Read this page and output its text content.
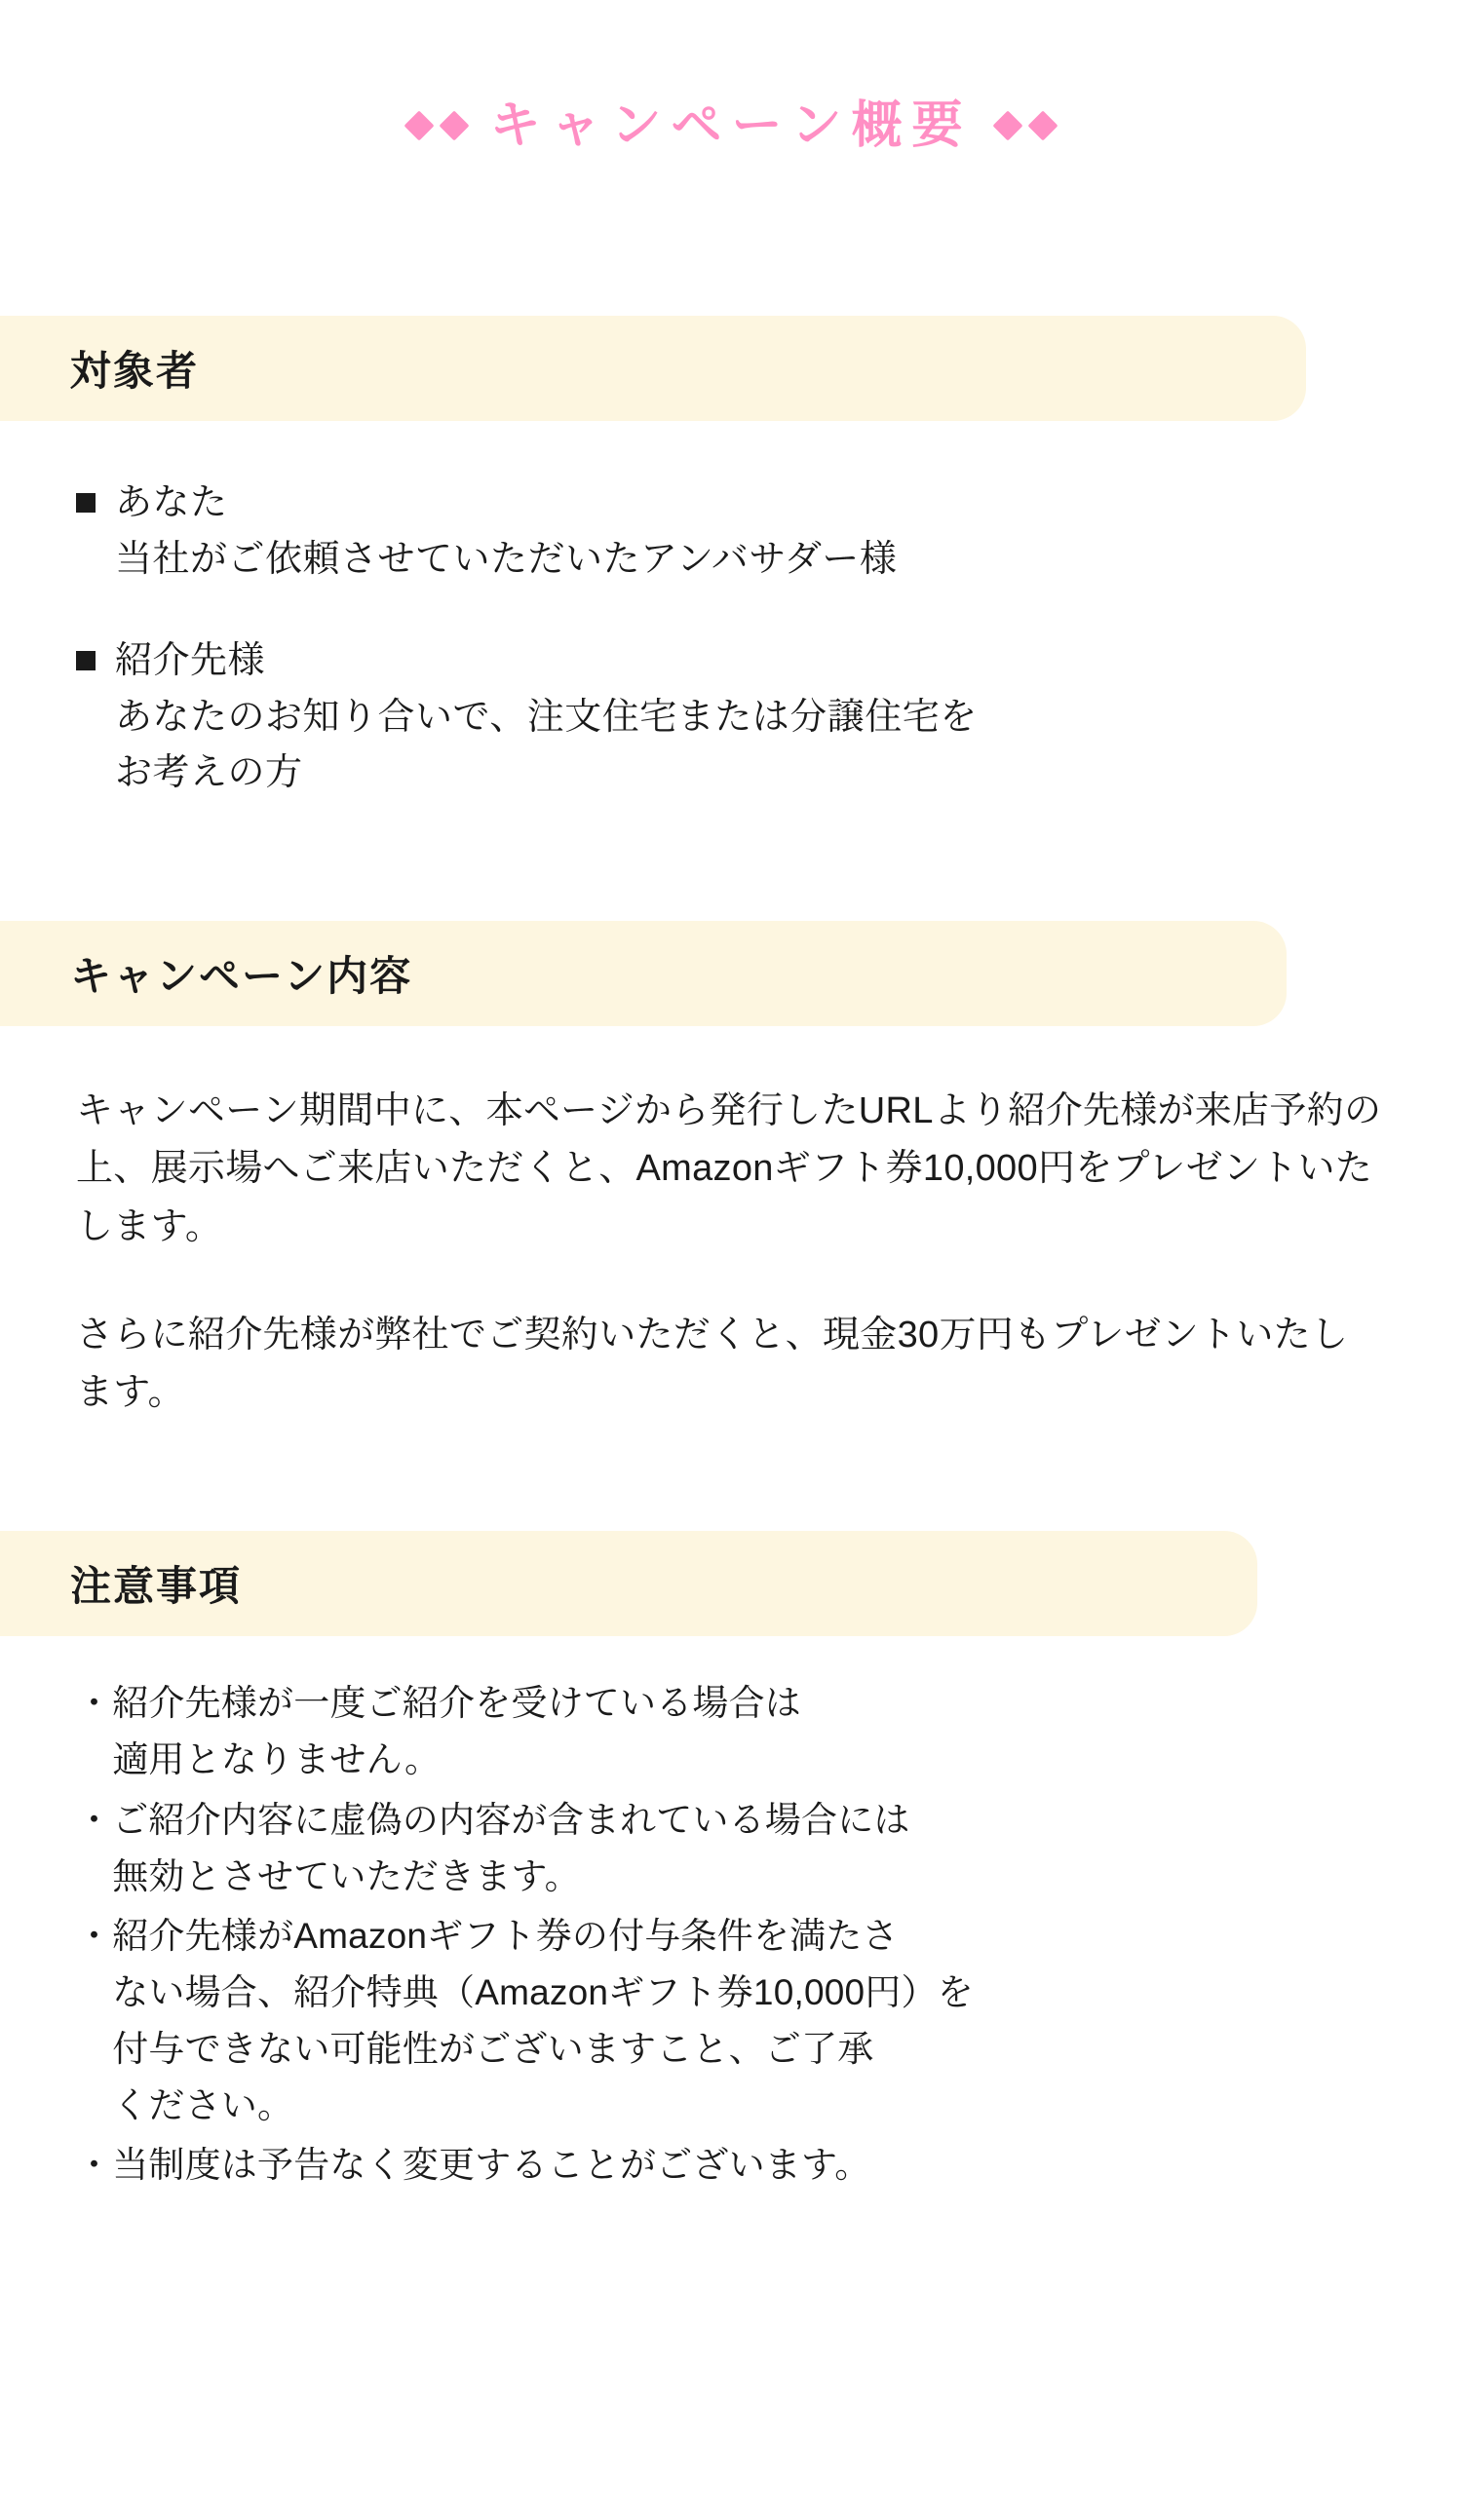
キャンペーン概要
対象者
あなた
当社がご依頼させていただいたアンバサダー様
紹介先様
あなたのお知り合いで、注文住宅または分譲住宅を
お考えの方
キャンペーン内容

キャンペーン期間中に、本ページから発行したURLより紹介先様が来店予約の上、展示場へご来店いただくと、Amazonギフト券10,000円をプレゼントいたします。

さらに紹介先様が弊社でご契約いただくと、現金30万円もプレゼントいたします。

注意事項
・紹介先様が一度ご紹介を受けている場合は
　適用となりません。
・ご紹介内容に虚偽の内容が含まれている場合には
　無効とさせていただきます。
・紹介先様がAmazonギフト券の付与条件を満たさ
　ない場合、紹介特典（Amazonギフト券10,000円）を
　付与できない可能性がございますこと、ご了承
　ください。
・当制度は予告なく変更することがございます。
